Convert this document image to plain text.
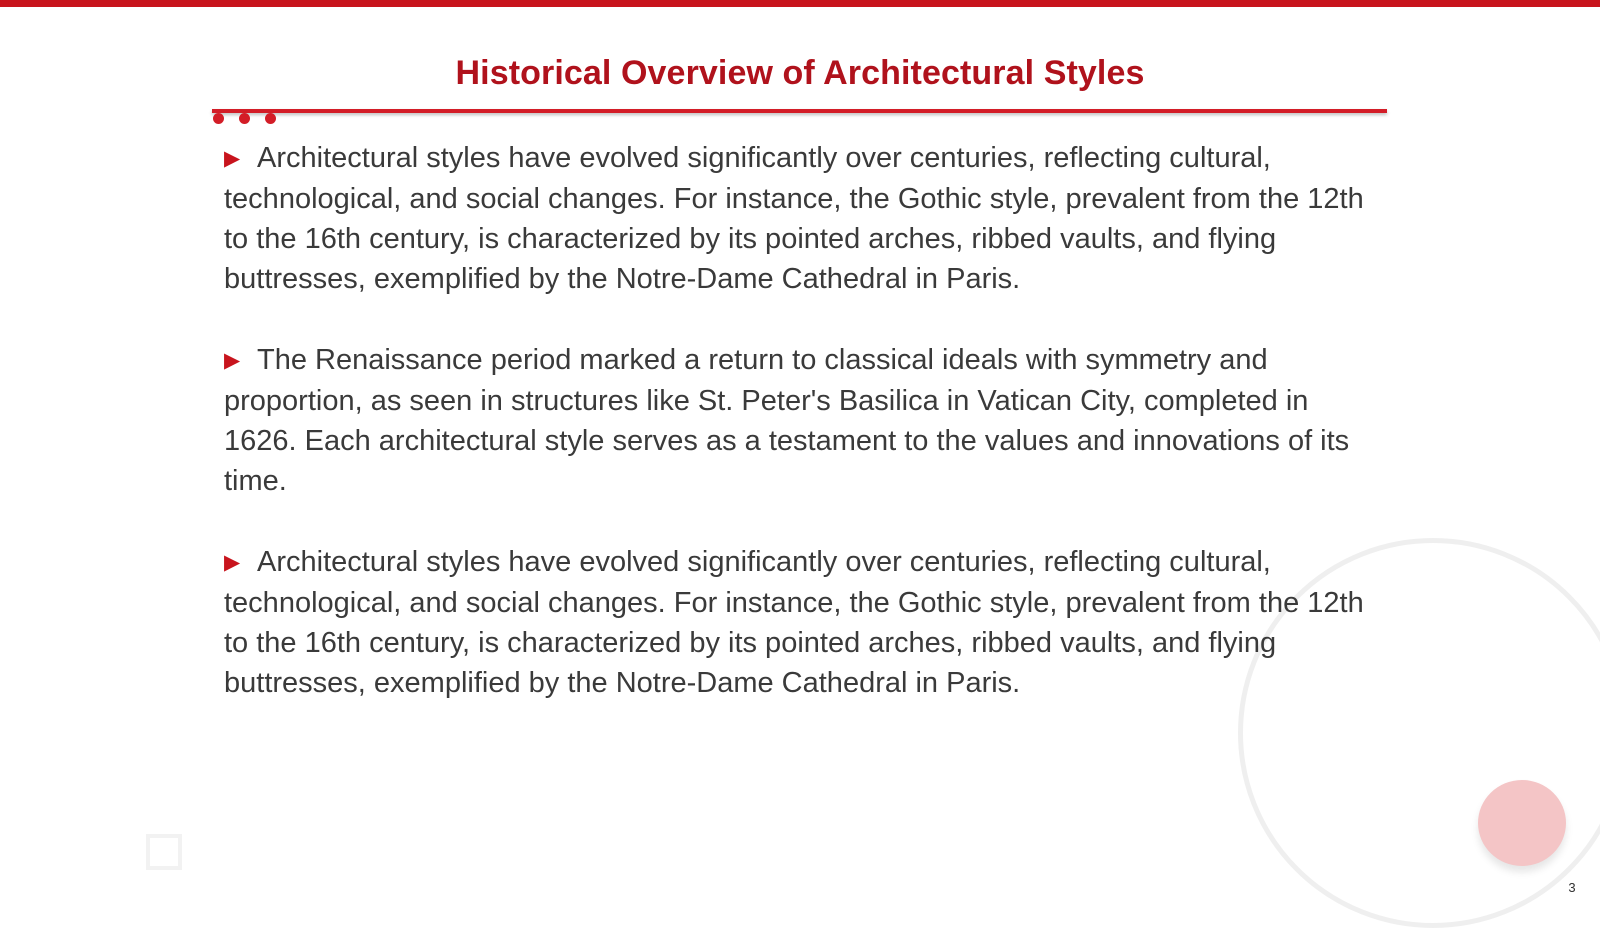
Historical Overview of Architectural Styles

▶ Architectural styles have evolved significantly over centuries, reflecting cultural, technological, and social changes. For instance, the Gothic style, prevalent from the 12th to the 16th century, is characterized by its pointed arches, ribbed vaults, and flying buttresses, exemplified by the Notre-Dame Cathedral in Paris.

▶ The Renaissance period marked a return to classical ideals with symmetry and proportion, as seen in structures like St. Peter's Basilica in Vatican City, completed in 1626. Each architectural style serves as a testament to the values and innovations of its time.

▶ Architectural styles have evolved significantly over centuries, reflecting cultural, technological, and social changes. For instance, the Gothic style, prevalent from the 12th to the 16th century, is characterized by its pointed arches, ribbed vaults, and flying buttresses, exemplified by the Notre-Dame Cathedral in Paris.

3
